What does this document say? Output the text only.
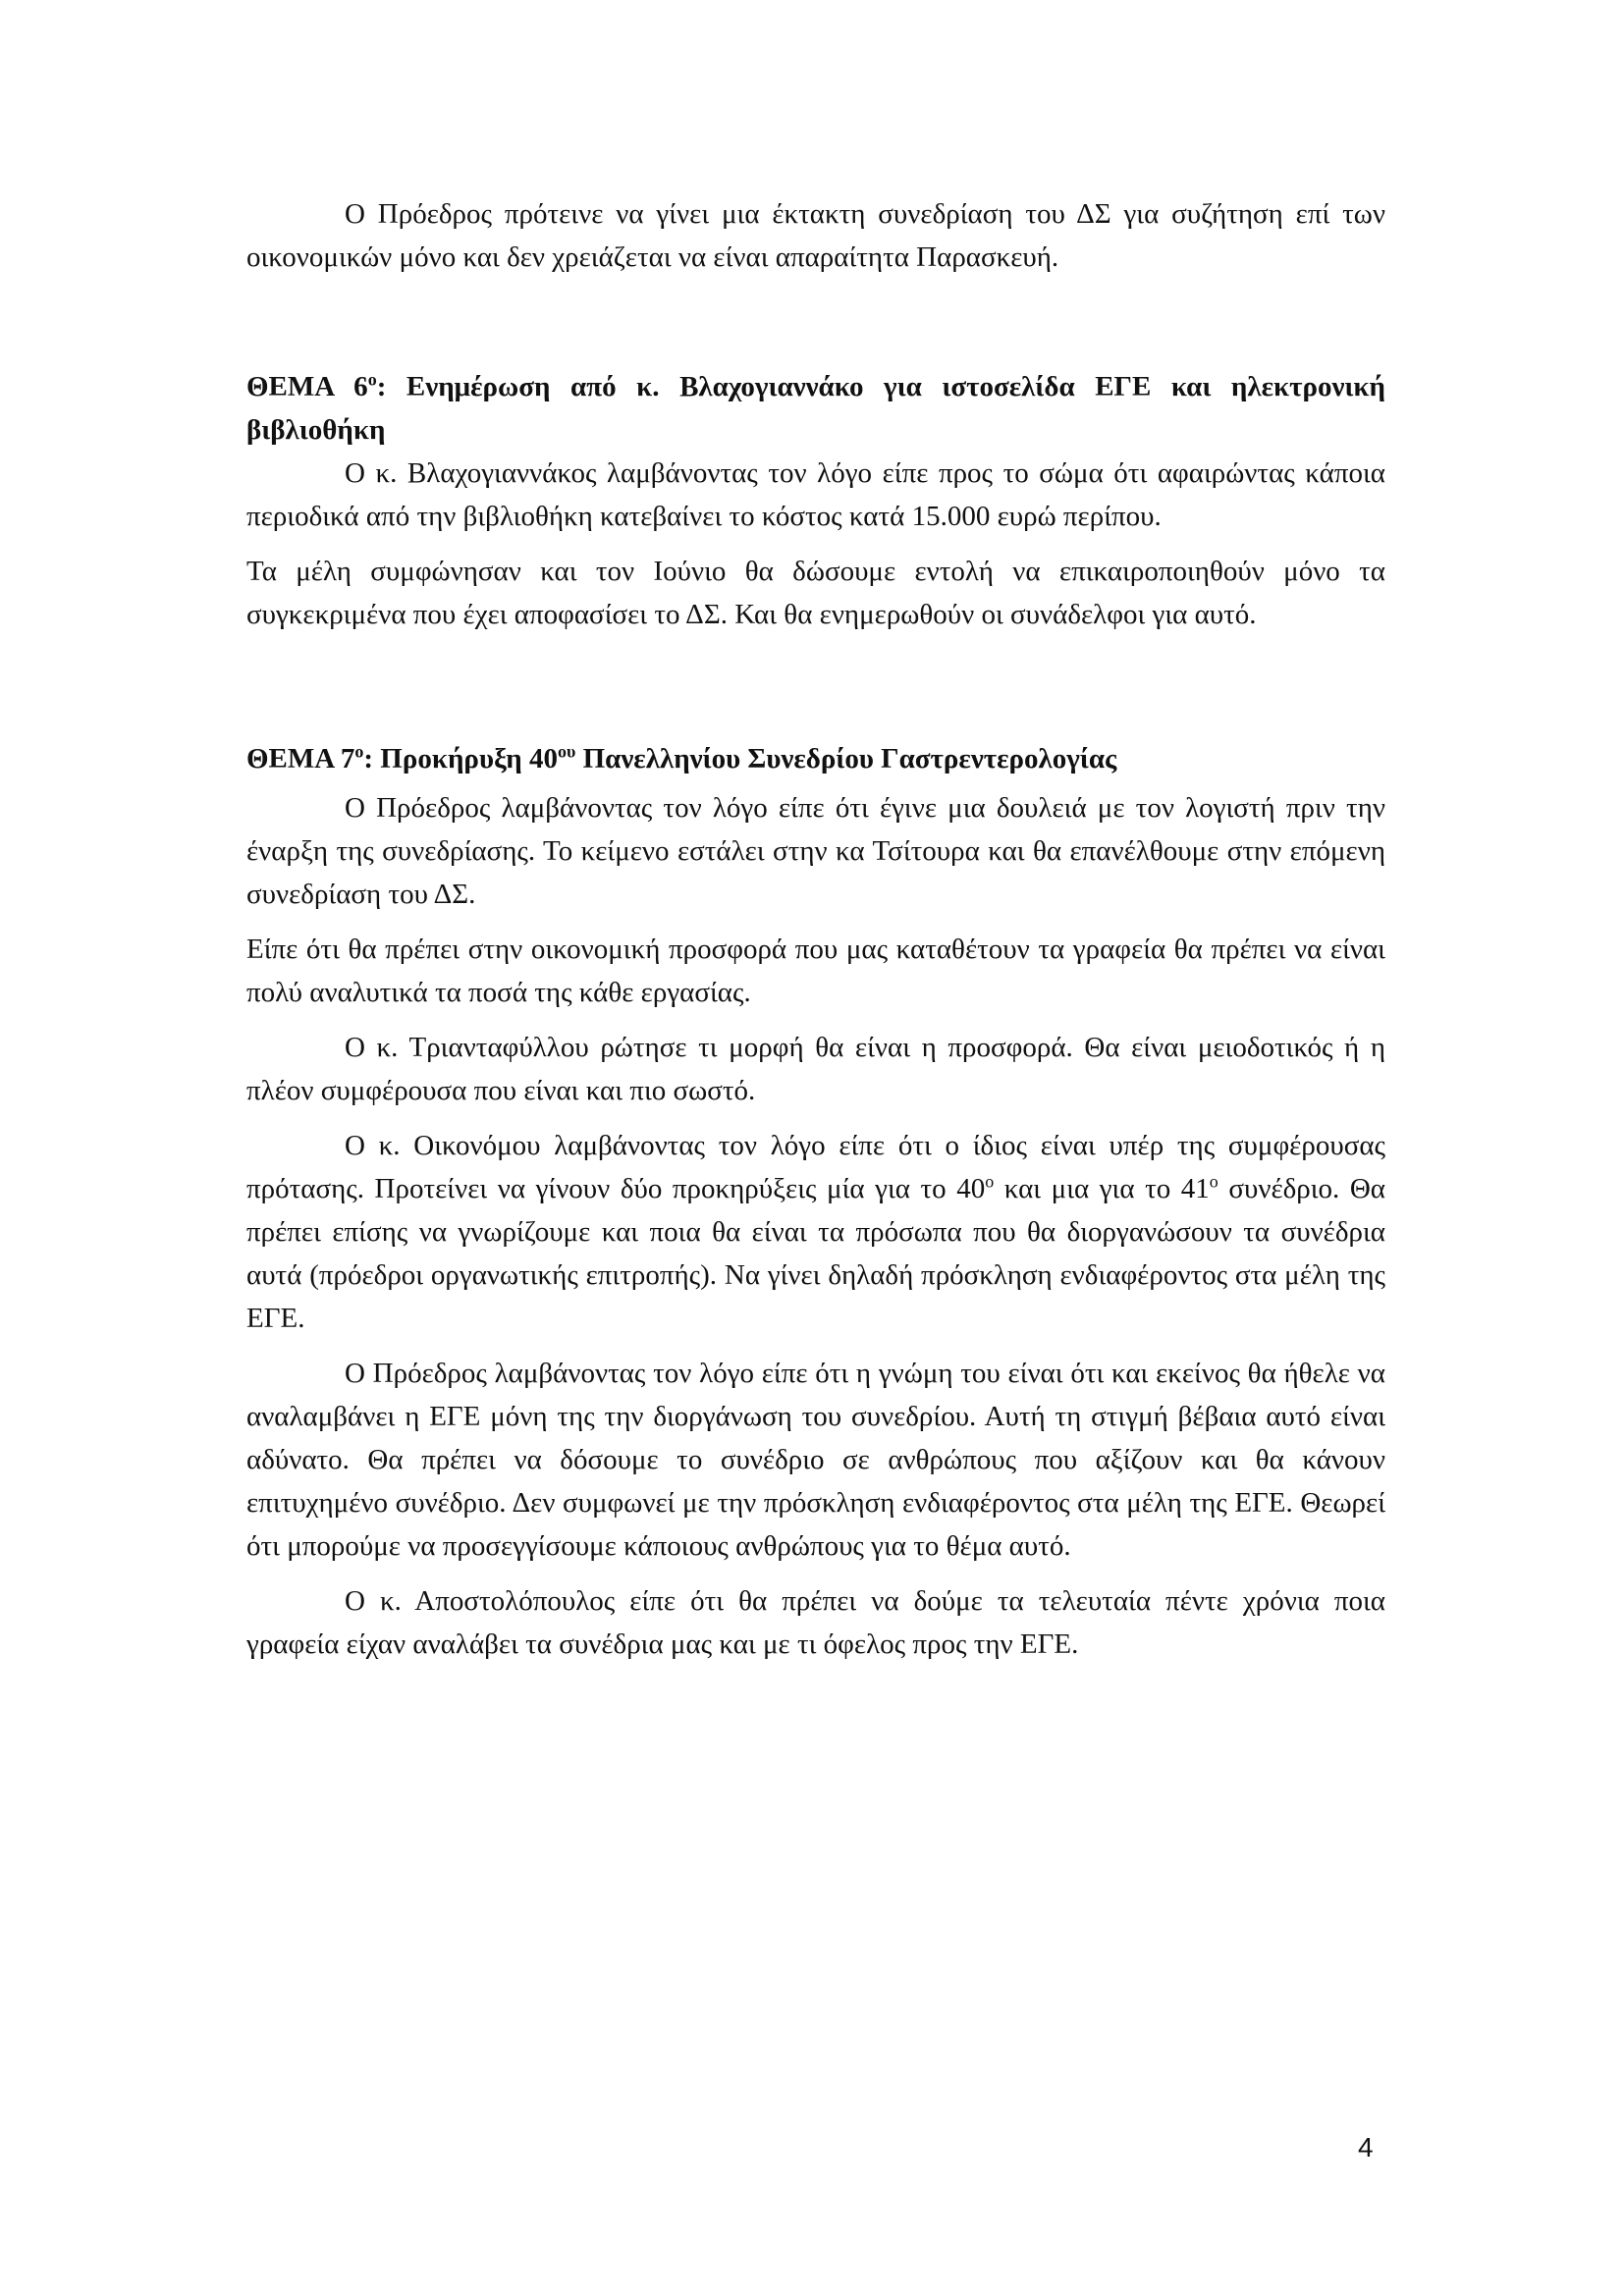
Ο Πρόεδρος πρότεινε να γίνει μια έκτακτη συνεδρίαση του ΔΣ για συζήτηση επί των οικονομικών μόνο και δεν χρειάζεται να είναι απαραίτητα Παρασκευή.

ΘΕΜΑ $6^o$: Ενημέρωση από κ. Βλαχογιαννάκο για ιστοσελίδα ΕΓΕ και ηλεκτρονική βιβλιοθήκη

Ο κ. Βλαχογιαννάκος λαμβάνοντας τον λόγο είπε προς το σώμα ότι αφαιρώντας κάποια περιοδικά από την βιβλιοθήκη κατεβαίνει το κόστος κατά 15.000 ευρώ περίπου.

Τα μέλη συμφώνησαν και τον Ιούνιο θα δώσουμε εντολή να επικαιροποιηθούν μόνο τα συγκεκριμένα που έχει αποφασίσει το ΔΣ. Και θα ενημερωθούν οι συνάδελφοι για αυτό.

ΘΕΜΑ $7^o$: Προκήρυξη $40^{o\upsilon}$ Πανελληνίου Συνεδρίου Γαστρεντερολογίας

Ο Πρόεδρος λαμβάνοντας τον λόγο είπε ότι έγινε μια δουλειά με τον λογιστή πριν την έναρξη της συνεδρίασης. Το κείμενο εστάλει στην κα Τσίτουρα και θα επανέλθουμε στην επόμενη συνεδρίαση του ΔΣ.

Είπε ότι θα πρέπει στην οικονομική προσφορά που μας καταθέτουν τα γραφεία θα πρέπει να είναι πολύ αναλυτικά τα ποσά της κάθε εργασίας.

Ο κ. Τριανταφύλλου ρώτησε τι μορφή θα είναι η προσφορά. Θα είναι μειοδοτικός ή η πλέον συμφέρουσα που είναι και πιο σωστό.

Ο κ. Οικονόμου λαμβάνοντας τον λόγο είπε ότι ο ίδιος είναι υπέρ της συμφέρουσας πρότασης. Προτείνει να γίνουν δύο προκηρύξεις μία για το $40^o$ και μια για το $41^o$ συνέδριο. Θα πρέπει επίσης να γνωρίζουμε και ποια θα είναι τα πρόσωπα που θα διοργανώσουν τα συνέδρια αυτά (πρόεδροι οργανωτικής επιτροπής). Να γίνει δηλαδή πρόσκληση ενδιαφέροντος στα μέλη της ΕΓΕ.

Ο Πρόεδρος λαμβάνοντας τον λόγο είπε ότι η γνώμη του είναι ότι και εκείνος θα ήθελε να αναλαμβάνει η ΕΓΕ μόνη της την διοργάνωση του συνεδρίου. Αυτή τη στιγμή βέβαια αυτό είναι αδύνατο. Θα πρέπει να δόσουμε το συνέδριο σε ανθρώπους που αξίζουν και θα κάνουν επιτυχημένο συνέδριο. Δεν συμφωνεί με την πρόσκληση ενδιαφέροντος στα μέλη της ΕΓΕ. Θεωρεί ότι μπορούμε να προσεγγίσουμε κάποιους ανθρώπους για το θέμα αυτό.

Ο κ. Αποστολόπουλος είπε ότι θα πρέπει να δούμε τα τελευταία πέντε χρόνια ποια γραφεία είχαν αναλάβει τα συνέδρια μας και με τι όφελος προς την ΕΓΕ.

4
